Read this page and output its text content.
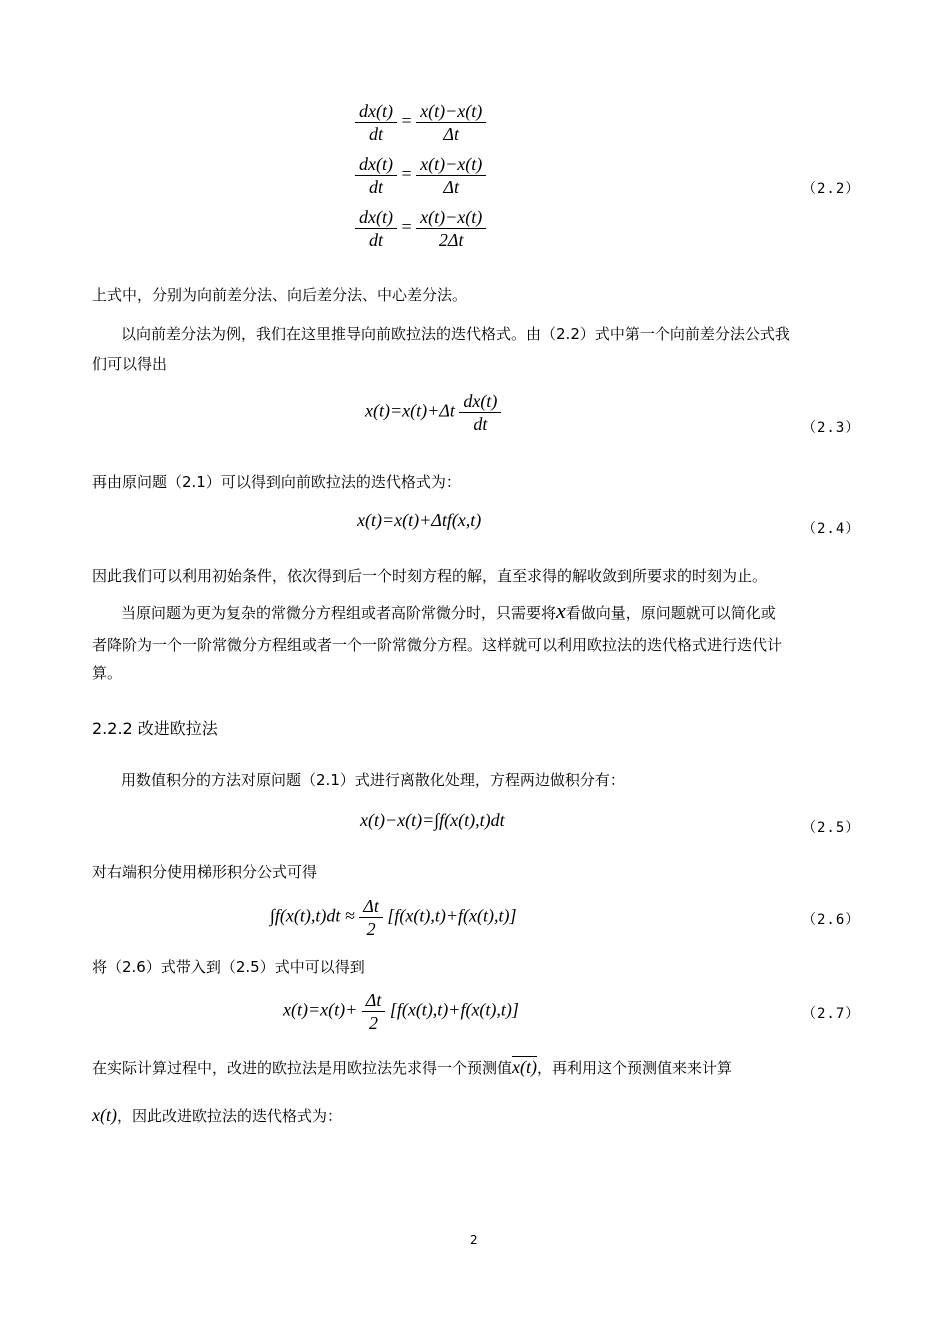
$\frac{dx(t)}{dt} = \frac{x(t)-x(t)}{\Delta t}$
$\frac{dx(t)}{dt} = \frac{x(t)-x(t)}{\Delta t}$
$\frac{dx(t)}{dt} = \frac{x(t)-x(t)}{2\Delta t}$
（2.2）
上式中，分别为向前差分法、向后差分法、中心差分法。
以向前差分法为例，我们在这里推导向前欧拉法的迭代格式。由（2.2）式中第一个向前差分法公式我
们可以得出
$x(t)=x(t)+\Delta t \frac{dx(t)}{dt}$	（2.3）
再由原问题（2.1）可以得到向前欧拉法的迭代格式为：
x(t)=x(t)+Δtf(x,t)	（2.4）
因此我们可以利用初始条件，依次得到后一个时刻方程的解，直至求得的解收敛到所要求的时刻为止。
当原问题为更为复杂的常微分方程组或者高阶常微分时，只需要将x看做向量，原问题就可以简化或
者降阶为一个一阶常微分方程组或者一个一阶常微分方程。这样就可以利用欧拉法的迭代格式进行迭代计
算。
2.2.2 改进欧拉法
用数值积分的方法对原问题（2.1）式进行离散化处理，方程两边做积分有：
x(t)−x(t)=∫f(x(t),t)dt	（2.5）
对右端积分使用梯形积分公式可得
$\int f(x(t),t)dt \approx \frac{\Delta t}{2} [f(x(t),t)+f(x(t),t)]$	（2.6）
将（2.6）式带入到（2.5）式中可以得到
$x(t)=x(t)+ \frac{\Delta t}{2} [f(x(t),t)+f(x(t),t)]$	（2.7）
在实际计算过程中，改进的欧拉法是用欧拉法先求得一个预测值x(t)，再利用这个预测值来来计算
x(t)，因此改进欧拉法的迭代格式为：
2
